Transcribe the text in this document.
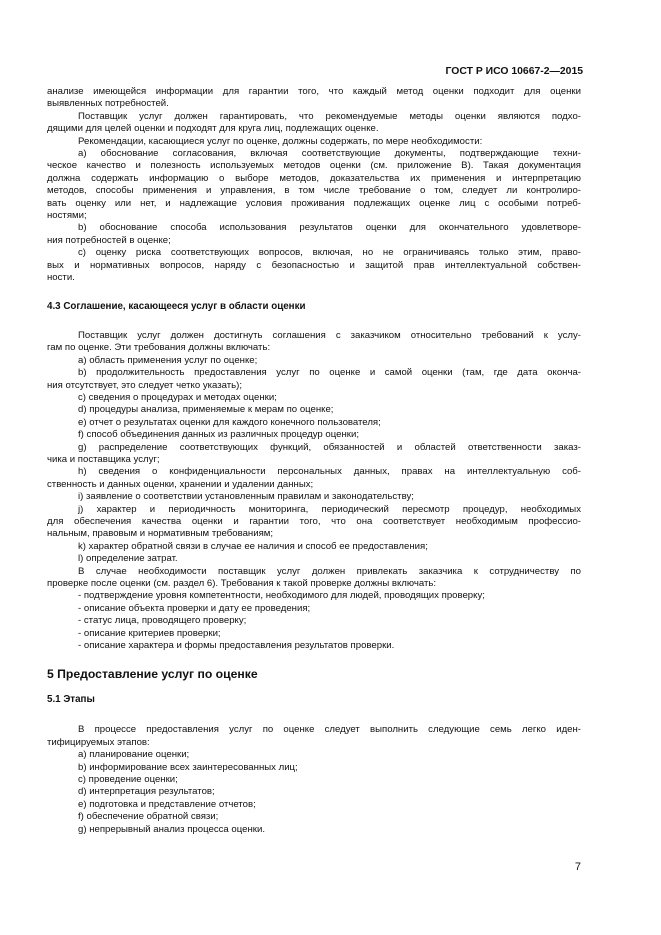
ГОСТ Р ИСО 10667-2—2015

анализе имеющейся информации для гарантии того, что каждый метод оценки подходит для оценки

выявленных потребностей.

Поставщик услуг должен гарантировать, что рекомендуемые методы оценки являются подхо-

дящими для целей оценки и подходят для круга лиц, подлежащих оценке.

Рекомендации, касающиеся услуг по оценке, должны содержать, по мере необходимости:

а) обоснование согласования, включая соответствующие документы, подтверждающие техни-

ческое качество и полезность используемых методов оценки (см. приложение В). Такая документация

должна содержать информацию о выборе методов, доказательства их применения и интерпретацию

методов, способы применения и управления, в том числе требование о том, следует ли контролиро-

вать оценку или нет, и надлежащие условия проживания подлежащих оценке лиц с особыми потреб-

ностями;

b) обоснование способа использования результатов оценки для окончательного удовлетворе-

ния потребностей в оценке;

с) оценку риска соответствующих вопросов, включая, но не ограничиваясь только этим, право-

вых и нормативных вопросов, наряду с безопасностью и защитой прав интеллектуальной собствен-

ности.

4.3 Соглашение, касающееся услуг в области оценки

Поставщик услуг должен достигнуть соглашения с заказчиком относительно требований к услу-

гам по оценке. Эти требования должны включать:

а) область применения услуг по оценке;

b) продолжительность предоставления услуг по оценке и самой оценки (там, где дата оконча-

ния отсутствует, это следует четко указать);

с) сведения о процедурах и методах оценки;

d) процедуры анализа, применяемые к мерам по оценке;

е) отчет о результатах оценки для каждого конечного пользователя;

f) способ объединения данных из различных процедур оценки;

g) распределение соответствующих функций, обязанностей и областей ответственности заказ-

чика и поставщика услуг;

h) сведения о конфиденциальности персональных данных, правах на интеллектуальную соб-

ственность и данных оценки, хранении и удалении данных;

i) заявление о соответствии установленным правилам и законодательству;

j) характер и периодичность мониторинга, периодический пересмотр процедур, необходимых

для обеспечения качества оценки и гарантии того, что она соответствует необходимым профессио-

нальным, правовым и нормативным требованиям;

k) характер обратной связи в случае ее наличия и способ ее предоставления;

l) определение затрат.

В случае необходимости поставщик услуг должен привлекать заказчика к сотрудничеству по

проверке после оценки (см. раздел 6). Требования к такой проверке должны включать:

- подтверждение уровня компетентности, необходимого для людей, проводящих проверку;

- описание объекта проверки и дату ее проведения;

- статус лица, проводящего проверку;

- описание критериев проверки;

- описание характера и формы предоставления результатов проверки.

5 Предоставление услуг по оценке

5.1 Этапы

В процессе предоставления услуг по оценке следует выполнить следующие семь легко иден-

тифицируемых этапов:

а) планирование оценки;

b) информирование всех заинтересованных лиц;

с) проведение оценки;

d) интерпретация результатов;

е) подготовка и представление отчетов;

f) обеспечение обратной связи;

g) непрерывный анализ процесса оценки.

7
